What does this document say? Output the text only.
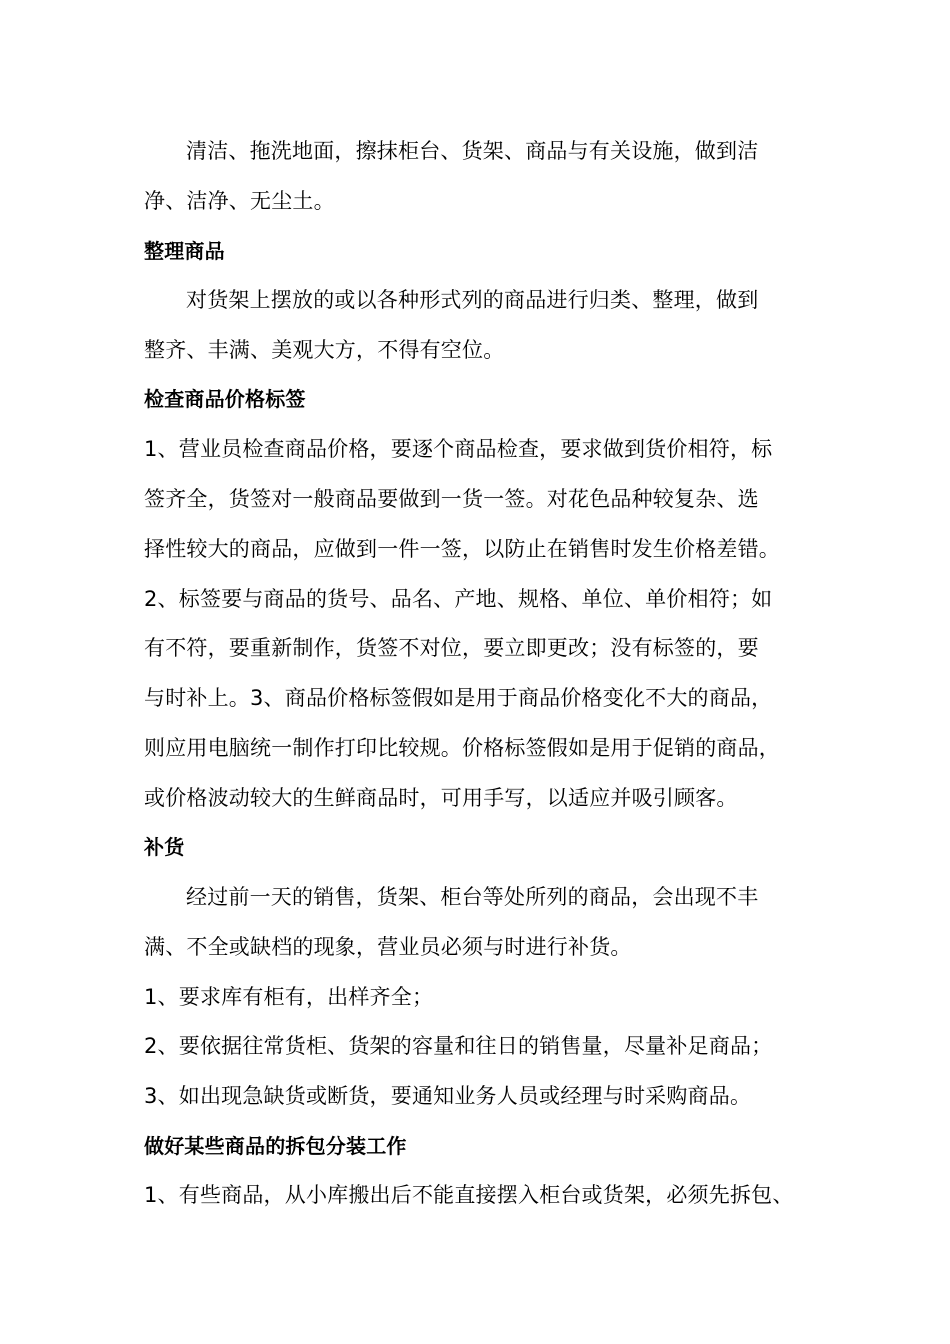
清洁、拖洗地面，擦抹柜台、货架、商品与有关设施，做到洁
净、洁净、无尘土。
整理商品
对货架上摆放的或以各种形式列的商品进行归类、整理，做到
整齐、丰满、美观大方，不得有空位。
检查商品价格标签
1、营业员检查商品价格，要逐个商品检查，要求做到货价相符，标
签齐全，货签对一般商品要做到一货一签。对花色品种较复杂、选
择性较大的商品，应做到一件一签，以防止在销售时发生价格差错。
2、标签要与商品的货号、品名、产地、规格、单位、单价相符；如
有不符，要重新制作，货签不对位，要立即更改；没有标签的，要
与时补上。3、商品价格标签假如是用于商品价格变化不大的商品，
则应用电脑统一制作打印比较规。价格标签假如是用于促销的商品，
或价格波动较大的生鲜商品时，可用手写，以适应并吸引顾客。
补货
经过前一天的销售，货架、柜台等处所列的商品，会出现不丰
满、不全或缺档的现象，营业员必须与时进行补货。
1、要求库有柜有，出样齐全；
2、要依据往常货柜、货架的容量和往日的销售量，尽量补足商品；
3、如出现急缺货或断货，要通知业务人员或经理与时采购商品。
做好某些商品的拆包分装工作
1、有些商品，从小库搬出后不能直接摆入柜台或货架，必须先拆包、
